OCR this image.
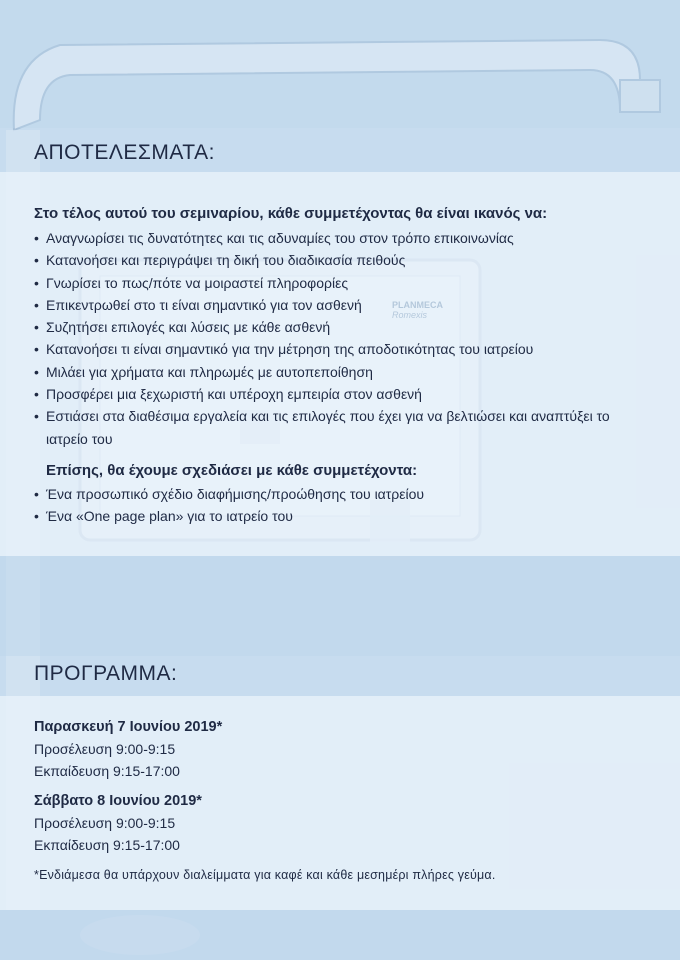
PLANMECA
Romexis
ΑΠΟΤΕΛΕΣΜΑΤΑ:

Στο τέλος αυτού του σεμιναρίου, κάθε συμμετέχοντας θα είναι ικανός να:

• Αναγνωρίσει τις δυνατότητες και τις αδυναμίες του στον τρόπο επικοινωνίας
• Κατανοήσει και περιγράψει τη δική του διαδικασία πειθούς
• Γνωρίσει το πως/πότε να μοιραστεί πληροφορίες
• Επικεντρωθεί στο τι είναι σημαντικό για τον ασθενή
• Συζητήσει επιλογές και λύσεις με κάθε ασθενή
• Κατανοήσει τι είναι σημαντικό για την μέτρηση της αποδοτικότητας του ιατρείου
• Μιλάει για χρήματα και πληρωμές με αυτοπεποίθηση
• Προσφέρει μια ξεχωριστή και υπέροχη εμπειρία στον ασθενή
• Εστιάσει στα διαθέσιμα εργαλεία και τις επιλογές που έχει για να βελτιώσει και αναπτύξει το ιατρείο του

Επίσης, θα έχουμε σχεδιάσει με κάθε συμμετέχοντα:

• Ένα προσωπικό σχέδιο διαφήμισης/προώθησης του ιατρείου
• Ένα «One page plan» για το ιατρείο του
ΠΡΟΓΡΑΜΜΑ:
Παρασκευή 7 Ιουνίου 2019*
Προσέλευση 9:00-9:15
Εκπαίδευση 9:15-17:00
Σάββατο 8 Ιουνίου 2019*
Προσέλευση 9:00-9:15
Εκπαίδευση 9:15-17:00
*Ενδιάμεσα θα υπάρχουν διαλείμματα για καφέ και κάθε μεσημέρι πλήρες γεύμα.
